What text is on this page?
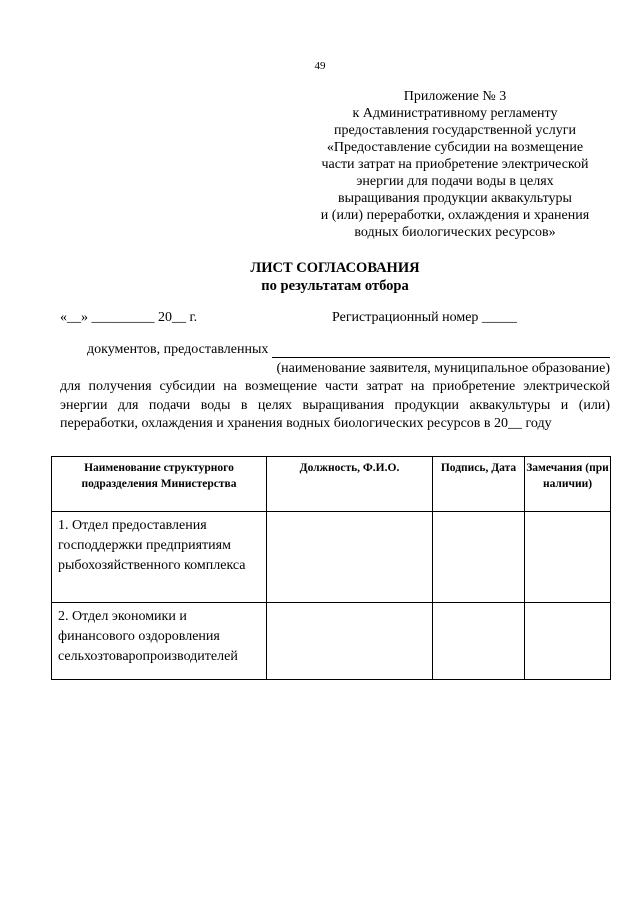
49
Приложение № 3
к Административному регламенту
предоставления государственной услуги
«Предоставление субсидии на возмещение
части затрат на приобретение электрической
энергии для подачи воды в целях
выращивания продукции аквакультуры
и (или) переработки, охлаждения и хранения
водных биологических ресурсов»
ЛИСТ СОГЛАСОВАНИЯ
по результатам отбора
«__» _________ 20__ г.	Регистрационный номер _____
документов, предоставленных
(наименование заявителя, муниципальное образование)
для получения субсидии на возмещение части затрат на приобретение электрической энергии для подачи воды в целях выращивания продукции аквакультуры и (или) переработки, охлаждения и хранения водных биологических ресурсов в 20__ году
Наименование структурного подразделения Министерства	Должность, Ф.И.О.	Подпись, Дата	Замечания (при наличии)
1. Отдел предоставления господдержки предприятиям рыбохозяйственного комплекса			
2. Отдел экономики и финансового оздоровления сельхозтоваропроизводителей			
